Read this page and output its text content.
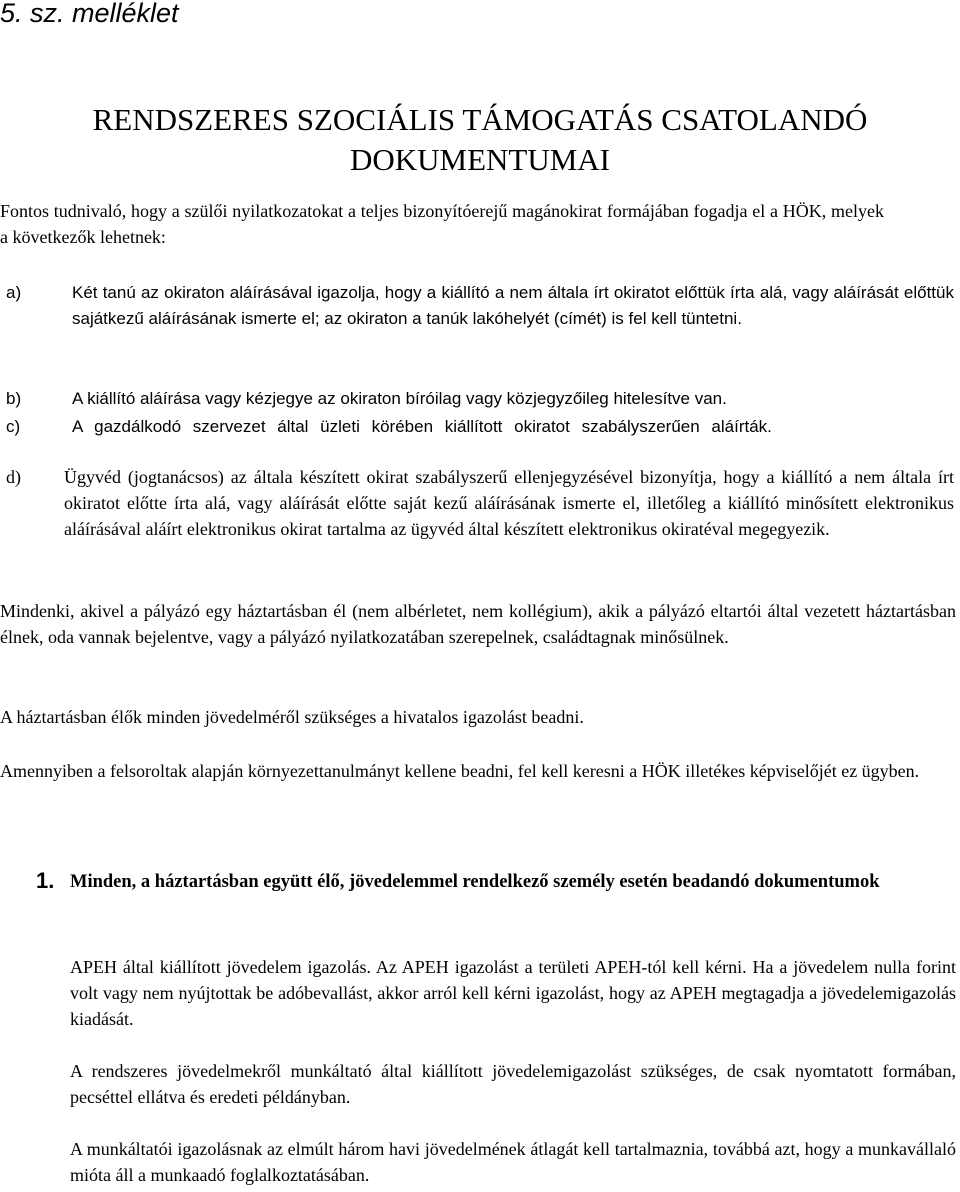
5. sz. melléklet
RENDSZERES SZOCIÁLIS TÁMOGATÁS CSATOLANDÓ
DOKUMENTUMAI
Fontos tudnivaló, hogy a szülői nyilatkozatokat a teljes bizonyítóerejű magánokirat formájában fogadja el a HÖK, melyek a következők lehetnek:
a)	Két tanú az okiraton aláírásával igazolja, hogy a kiállító a nem általa írt okiratot előttük írta alá, vagy aláírását előttük sajátkezű aláírásának ismerte el; az okiraton a tanúk lakóhelyét (címét) is fel kell tüntetni.
b)	A kiállító aláírása vagy kézjegye az okiraton bíróilag vagy közjegyzőileg hitelesítve van.
c)	A gazdálkodó szervezet által üzleti körében kiállított okiratot szabályszerűen aláírták.
d) Ügyvéd (jogtanácsos) az általa készített okirat szabályszerű ellenjegyzésével bizonyítja, hogy a kiállító a nem általa írt okiratot előtte írta alá, vagy aláírását előtte saját kezű aláírásának ismerte el, illetőleg a kiállító minősített elektronikus aláírásával aláírt elektronikus okirat tartalma az ügyvéd által készített elektronikus okiratéval megegyezik.
Mindenki, akivel a pályázó egy háztartásban él (nem albérletet, nem kollégium), akik a pályázó eltartói által vezetett háztartásban élnek, oda vannak bejelentve, vagy a pályázó nyilatkozatában szerepelnek, családtagnak minősülnek.
A háztartásban élők minden jövedelméről szükséges a hivatalos igazolást beadni.
Amennyiben a felsoroltak alapján környezettanulmányt kellene beadni, fel kell keresni a HÖK illetékes képviselőjét ez ügyben.
1. Minden, a háztartásban együtt élő, jövedelemmel rendelkező személy esetén beadandó dokumentumok
APEH által kiállított jövedelem igazolás. Az APEH igazolást a területi APEH-tól kell kérni. Ha a jövedelem nulla forint volt vagy nem nyújtottak be adóbevallást, akkor arról kell kérni igazolást, hogy az APEH megtagadja a jövedelemigazolás kiadását.
A rendszeres jövedelmekről munkáltató által kiállított jövedelemigazolást szükséges, de csak nyomtatott formában, pecséttel ellátva és eredeti példányban.
A munkáltatói igazolásnak az elmúlt három havi jövedelmének átlagát kell tartalmaznia, továbbá azt, hogy a munkavállaló mióta áll a munkaadó foglalkoztatásában.
